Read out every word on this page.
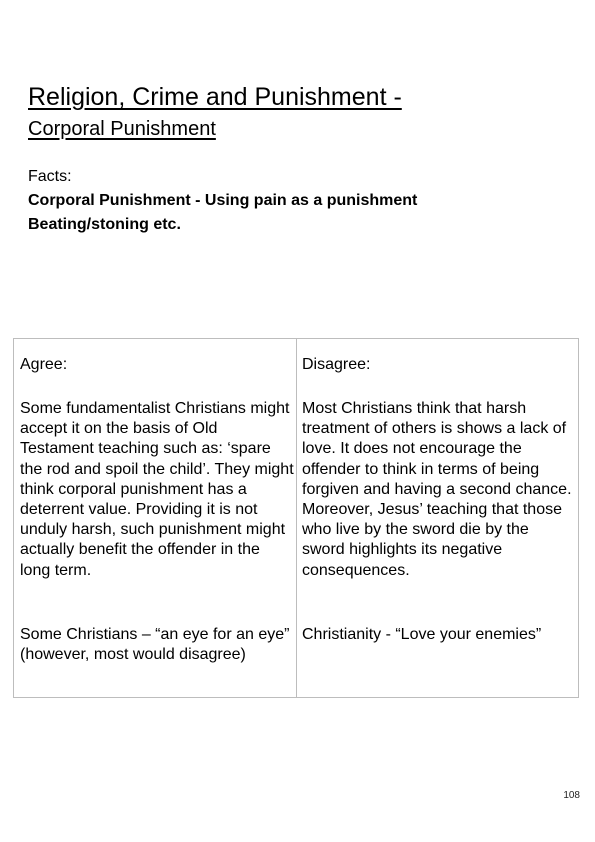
Religion, Crime and Punishment -
Corporal Punishment
Facts:
Corporal Punishment - Using pain as a punishment
Beating/stoning etc.
Agree:	Disagree:
Some fundamentalist Christians might accept it on the basis of Old Testament teaching such as: ‘spare the rod and spoil the child’. They might think corporal punishment has a deterrent value. Providing it is not unduly harsh, such punishment might actually benefit the offender in the long term.
Most Christians think that harsh treatment of others is shows a lack of love. It does not encourage the offender to think in terms of being forgiven and having a second chance. Moreover, Jesus’ teaching that those who live by the sword die by the sword highlights its negative consequences.
Some Christians – “an eye for an eye” (however, most would disagree)
Christianity - “Love your enemies”
108
